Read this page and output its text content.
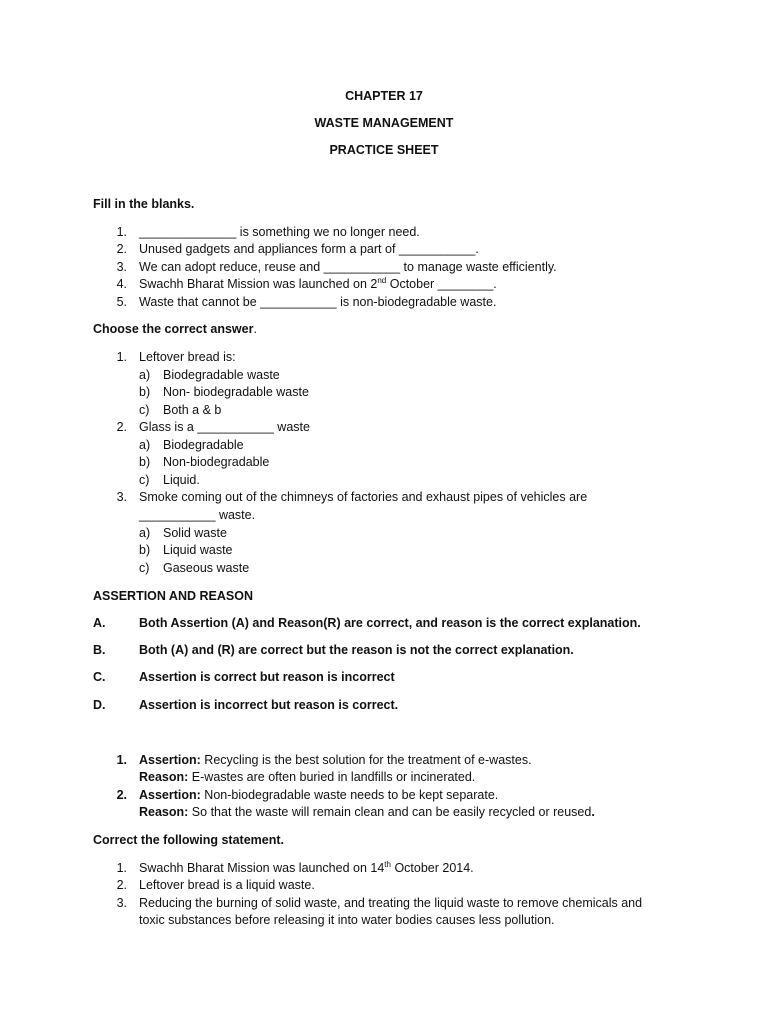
CHAPTER 17
WASTE MANAGEMENT
PRACTICE SHEET
Fill in the blanks.
1. ______________ is something we no longer need.
2. Unused gadgets and appliances form a part of ___________.
3. We can adopt reduce, reuse and ___________ to manage waste efficiently.
4. Swachh Bharat Mission was launched on 2nd October ________.
5. Waste that cannot be ___________ is non-biodegradable waste.
Choose the correct answer.
1. Leftover bread is:
a) Biodegradable waste
b) Non- biodegradable waste
c) Both a & b
2. Glass is a ___________ waste
a) Biodegradable
b) Non-biodegradable
c) Liquid.
3. Smoke coming out of the chimneys of factories and exhaust pipes of vehicles are
___________ waste.
a) Solid waste
b) Liquid waste
c) Gaseous waste
ASSERTION AND REASON
A.	Both Assertion (A) and Reason(R) are correct, and reason is the correct explanation.
B.	Both (A) and (R) are correct but the reason is not the correct explanation.
C.	Assertion is correct but reason is incorrect
D.	Assertion is incorrect but reason is correct.
1. Assertion: Recycling is the best solution for the treatment of e-wastes.
Reason: E-wastes are often buried in landfills or incinerated.
2. Assertion: Non-biodegradable waste needs to be kept separate.
Reason: So that the waste will remain clean and can be easily recycled or reused.
Correct the following statement.
1. Swachh Bharat Mission was launched on 14th October 2014.
2. Leftover bread is a liquid waste.
3. Reducing the burning of solid waste, and treating the liquid waste to remove chemicals and
toxic substances before releasing it into water bodies causes less pollution.
